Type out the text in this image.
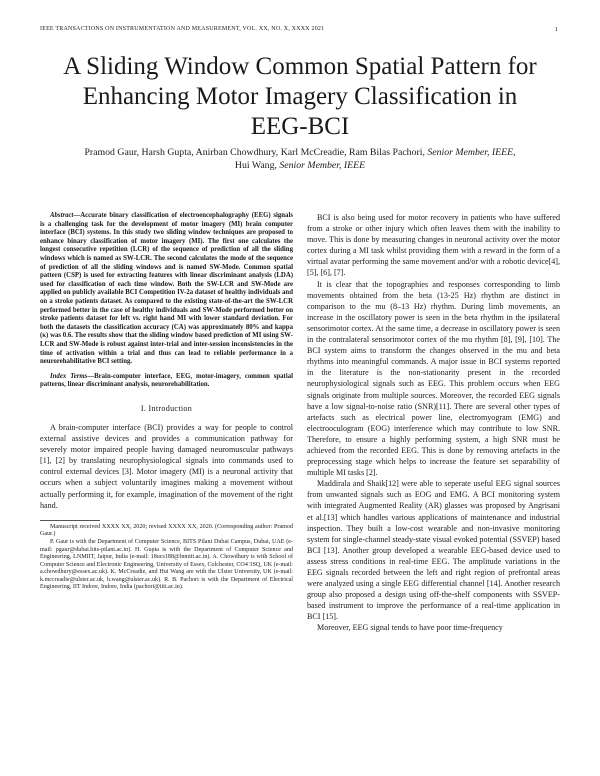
IEEE TRANSACTIONS ON INSTRUMENTATION AND MEASUREMENT, VOL. XX, NO. X, XXXX 2021	1
A Sliding Window Common Spatial Pattern for
Enhancing Motor Imagery Classification in
EEG-BCI
Pramod Gaur, Harsh Gupta, Anirban Chowdhury, Karl McCreadie, Ram Bilas Pachori, Senior Member, IEEE,
Hui Wang, Senior Member, IEEE

Abstract—Accurate binary classification of electroencephalography (EEG) signals is a challenging task for the development of motor imagery (MI) brain computer interface (BCI) systems. In this study two sliding window techniques are proposed to enhance binary classification of motor imagery (MI). The first one calculates the longest consecutive repetition (LCR) of the sequence of prediction of all the sliding windows which is named as SW-LCR. The second calculates the mode of the sequence of prediction of all the sliding windows and is named SW-Mode. Common spatial pattern (CSP) is used for extracting features with linear discriminant analysis (LDA) used for classification of each time window. Both the SW-LCR and SW-Mode are applied on publicly available BCI Competition IV-2a dataset of healthy individuals and on a stroke patients dataset. As compared to the existing state-of-the-art the SW-LCR performed better in the case of healthy individuals and SW-Mode performed better on stroke patients dataset for left vs. right hand MI with lower standard deviation. For both the datasets the classification accuracy (CA) was approximately 80% and kappa (κ) was 0.6. The results show that the sliding window based prediction of MI using SW-LCR and SW-Mode is robust against inter-trial and inter-session inconsistencies in the time of activation within a trial and thus can lead to reliable performance in a neurorehabilitative BCI setting.

Index Terms—Brain-computer interface, EEG, motor-imagery, common spatial patterns, linear discriminant analysis, neurorehabilitation.

I. Introduction

A brain-computer interface (BCI) provides a way for people to control external assistive devices and provides a communication pathway for severely motor impaired people having damaged neuromuscular pathways [1], [2] by translating neurophysiological signals into commands used to control external devices [3]. Motor imagery (MI) is a neuronal activity that occurs when a subject voluntarily imagines making a movement without actually performing it, for example, imagination of the movement of the right hand.

Manuscript received XXXX XX, 2020; revised XXXX XX, 2020. (Corresponding author: Pramod Gaur.)

P. Gaur is with the Department of Computer Science, BITS Pilani Dubai Campus, Dubai, UAE (e-mail: pgaur@dubai.bits-pilani.ac.in). H. Gupta is with the Department of Computer Science and Engineering, LNMIIT, Jaipur, India (e-mail: 18ucs188@lnmiit.ac.in). A. Chowdhury is with School of Computer Science and Electronic Engineering, University of Essex, Colchester, CO4 3SQ, UK (e-mail: a.chowdhury@essex.ac.uk). K. McCreadie, and Hui Wang are with the Ulster University, UK (e-mail: k.mccreadie@ulster.ac.uk, h.wang@ulster.ac.uk). R. B. Pachori is with the Department of Electrical Engineering, IIT Indore, Indore, India (pachori@iiti.ac.in).

BCI is also being used for motor recovery in patients who have suffered from a stroke or other injury which often leaves them with the inability to move. This is done by measuring changes in neuronal activity over the motor cortex during a MI task whilst providing them with a reward in the form of a virtual avatar performing the same movement and/or with a robotic device[4], [5], [6], [7].

It is clear that the topographies and responses corresponding to limb movements obtained from the beta (13-25 Hz) rhythm are distinct in comparison to the mu (8–13 Hz) rhythm. During limb movements, an increase in the oscillatory power is seen in the beta rhythm in the ipsilateral sensorimotor cortex. At the same time, a decrease in oscillatory power is seen in the contralateral sensorimotor cortex of the mu rhythm [8], [9], [10]. The BCI system aims to transform the changes observed in the mu and beta rhythms into meaningful commands. A major issue in BCI systems reported in the literature is the non-stationarity present in the recorded neurophysiological signals such as EEG. This problem occurs when EEG signals originate from multiple sources. Moreover, the recorded EEG signals have a low signal-to-noise ratio (SNR)[11]. There are several other types of artefacts such as electrical power line, electromyogram (EMG) and electrooculogram (EOG) interference which may contribute to low SNR. Therefore, to ensure a highly performing system, a high SNR must be achieved from the recorded EEG. This is done by removing artefacts in the preprocessing stage which helps to increase the feature set separability of multiple MI tasks [2].

Maddirala and Shaik[12] were able to seperate useful EEG signal sources from unwanted signals such as EOG and EMG. A BCI monitoring system with integrated Augmented Reality (AR) glasses was proposed by Angrisani et al.[13] which handles various applications of maintenance and industrial inspection. They built a low-cost wearable and non-invasive monitoring system for single-channel steady-state visual evoked potential (SSVEP) based BCI [13]. Another group developed a wearable EEG-based device used to assess stress conditions in real-time EEG. The amplitude variations in the EEG signals recorded between the left and right region of prefrontal areas were analyzed using a single EEG differential channel [14]. Another research group also proposed a design using off-the-shelf components with SSVEP-based instrument to improve the performance of a real-time application in BCI [15].

Moreover, EEG signal tends to have poor time-frequency
